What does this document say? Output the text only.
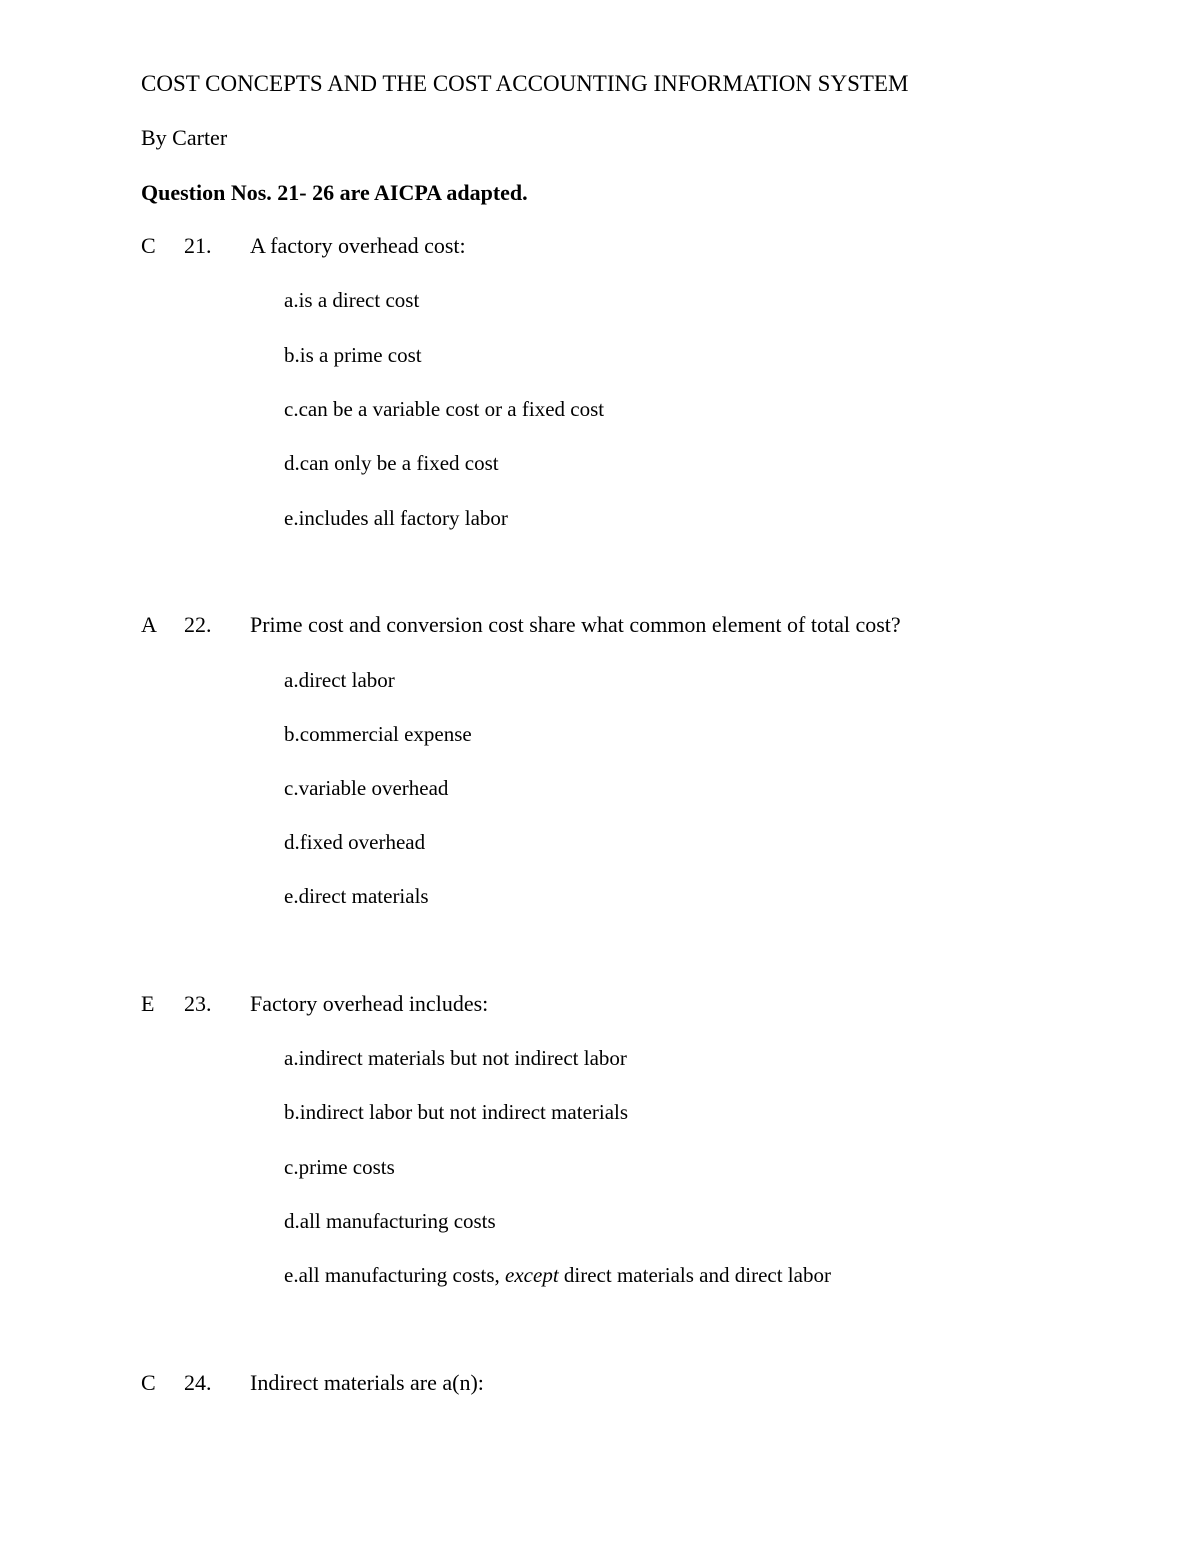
COST CONCEPTS AND THE COST ACCOUNTING INFORMATION SYSTEM
By Carter
Question Nos. 21- 26 are AICPA adapted.
C 21. A factory overhead cost:
a.is a direct cost
b.is a prime cost
c.can be a variable cost or a fixed cost
d.can only be a fixed cost
e.includes all factory labor
A 22. Prime cost and conversion cost share what common element of total cost?
a.direct labor
b.commercial expense
c.variable overhead
d.fixed overhead
e.direct materials
E 23. Factory overhead includes:
a.indirect materials but not indirect labor
b.indirect labor but not indirect materials
c.prime costs
d.all manufacturing costs
e.all manufacturing costs, except direct materials and direct labor
C 24. Indirect materials are a(n):
